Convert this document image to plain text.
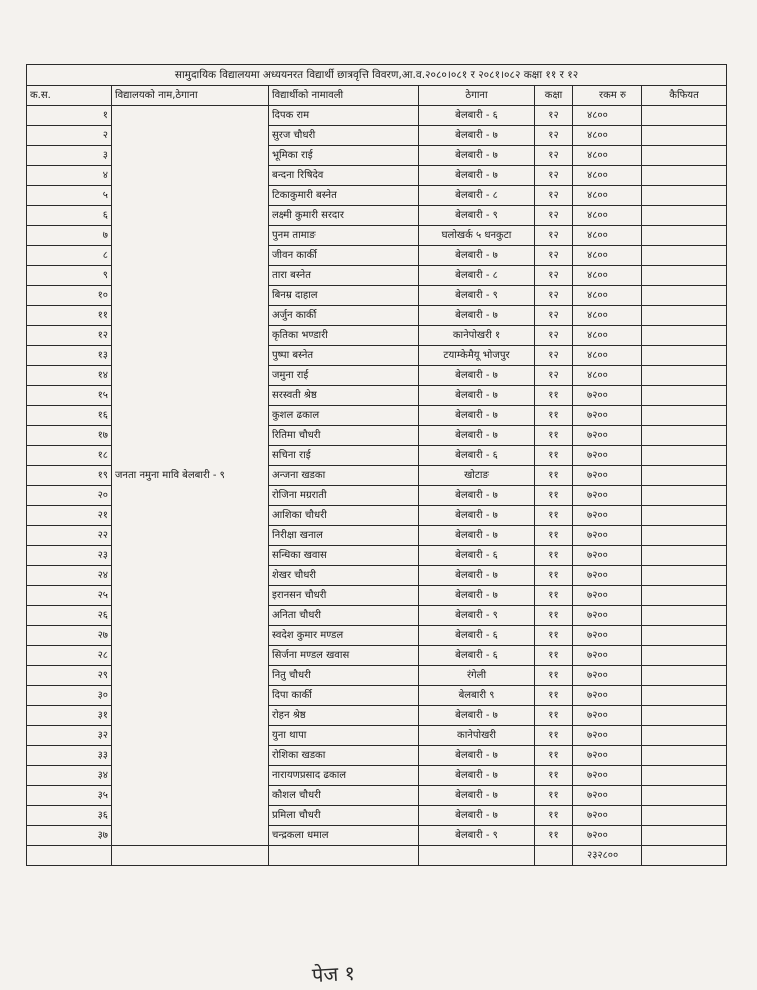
सामुदायिक विद्यालयमा अध्ययनरत विद्यार्थी छात्रवृत्ति विवरण,आ.व.२०८०।०८१ र २०८१।०८२ कक्षा ११ र १२						
क.स.	विद्यालयको नाम,ठेगाना	विद्यार्थीको नामावली	ठेगाना	कक्षा	रकम रु	कैफियत
१	जनता नमुना मावि बेलबारी - ९	दिपक राम	बेलबारी - ६	१२	४८००	
२		सुरज चौधरी	बेलबारी - ७	१२	४८००	
३		भूमिका राई	बेलबारी - ७	१२	४८००	
४		बन्दना रिषिदेव	बेलबारी - ७	१२	४८००	
५		टिकाकुमारी बस्नेत	बेलबारी - ८	१२	४८००	
६		लक्ष्मी कुमारी सरदार	बेलबारी - ९	१२	४८००	
७		पुनम तामाङ	घलोखर्क ५ धनकुटा	१२	४८००	
८		जीवन कार्की	बेलबारी - ७	१२	४८००	
९		तारा बस्नेत	बेलबारी - ८	१२	४८००	
१०		बिनम्र दाहाल	बेलबारी - ९	१२	४८००	
११		अर्जुन कार्की	बेलबारी - ७	१२	४८००	
१२		कृतिका भण्डारी	कानेपोखरी १	१२	४८००	
१३		पुष्पा बस्नेत	टयाम्केमैयू भोजपुर	१२	४८००	
१४		जमुना राई	बेलबारी - ७	१२	४८००	
१५		सरस्वती श्रेष्ठ	बेलबारी - ७	११	७२००	
१६		कुशल ढकाल	बेलबारी - ७	११	७२००	
१७		रितिमा चौधरी	बेलबारी - ७	११	७२००	
१८		सचिना राई	बेलबारी - ६	११	७२००	
१९		अन्जना खडका	खोटाङ	११	७२००	
२०		रोजिना मग्रराती	बेलबारी - ७	११	७२००	
२१		आशिका चौधरी	बेलबारी - ७	११	७२००	
२२		निरीक्षा खनाल	बेलबारी - ७	११	७२००	
२३		सन्धिका खवास	बेलबारी - ६	११	७२००	
२४		शेखर चौधरी	बेलबारी - ७	११	७२००	
२५		इरानसन चौधरी	बेलबारी - ७	११	७२००	
२६		अनिता चौधरी	बेलबारी - ९	११	७२००	
२७		स्वदेश कुमार मण्डल	बेलबारी - ६	११	७२००	
२८		सिर्जना मण्डल खवास	बेलबारी - ६	११	७२००	
२९		नितु चौधरी	रंगेली	११	७२००	
३०		दिपा कार्की	बेलबारी ९	११	७२००	
३१		रोहन श्रेष्ठ	बेलबारी - ७	११	७२००	
३२		युना थापा	कानेपोखरी	११	७२००	
३३		रोशिका खडका	बेलबारी - ७	११	७२००	
३४		नारायणप्रसाद ढकाल	बेलबारी - ७	११	७२००	
३५		कौशल चौधरी	बेलबारी - ७	११	७२००	
३६		प्रमिला चौधरी	बेलबारी - ७	११	७२००	
३७		चन्द्रकला धमाल	बेलबारी - ९	११	७२००	
					२३२८००	
पेज १
